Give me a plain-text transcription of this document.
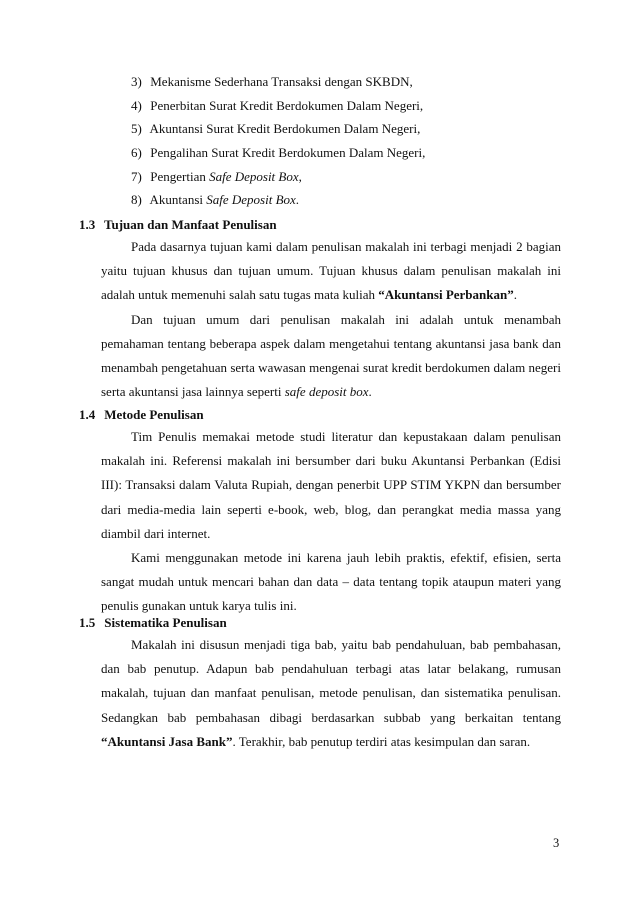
3) Mekanisme Sederhana Transaksi dengan SKBDN,
4) Penerbitan Surat Kredit Berdokumen Dalam Negeri,
5) Akuntansi Surat Kredit Berdokumen Dalam Negeri,
6) Pengalihan Surat Kredit Berdokumen Dalam Negeri,
7) Pengertian Safe Deposit Box,
8) Akuntansi Safe Deposit Box.
1.3 Tujuan dan Manfaat Penulisan

Pada dasarnya tujuan kami dalam penulisan makalah ini terbagi menjadi 2 bagian yaitu tujuan khusus dan tujuan umum. Tujuan khusus dalam penulisan makalah ini adalah untuk memenuhi salah satu tugas mata kuliah “Akuntansi Perbankan”.

Dan tujuan umum dari penulisan makalah ini adalah untuk menambah pemahaman tentang beberapa aspek dalam mengetahui tentang akuntansi jasa bank dan menambah pengetahuan serta wawasan mengenai surat kredit berdokumen dalam negeri serta akuntansi jasa lainnya seperti safe deposit box.

1.4 Metode Penulisan

Tim Penulis memakai metode studi literatur dan kepustakaan dalam penulisan makalah ini. Referensi makalah ini bersumber dari buku Akuntansi Perbankan (Edisi III): Transaksi dalam Valuta Rupiah, dengan penerbit UPP STIM YKPN dan bersumber dari media-media lain seperti e-book, web, blog, dan perangkat media massa yang diambil dari internet.

Kami menggunakan metode ini karena jauh lebih praktis, efektif, efisien, serta sangat mudah untuk mencari bahan dan data – data tentang topik ataupun materi yang penulis gunakan untuk karya tulis ini.

1.5 Sistematika Penulisan

Makalah ini disusun menjadi tiga bab, yaitu bab pendahuluan, bab pembahasan, dan bab penutup. Adapun bab pendahuluan terbagi atas latar belakang, rumusan makalah, tujuan dan manfaat penulisan, metode penulisan, dan sistematika penulisan. Sedangkan bab pembahasan dibagi berdasarkan subbab yang berkaitan tentang “Akuntansi Jasa Bank”. Terakhir, bab penutup terdiri atas kesimpulan dan saran.

3
